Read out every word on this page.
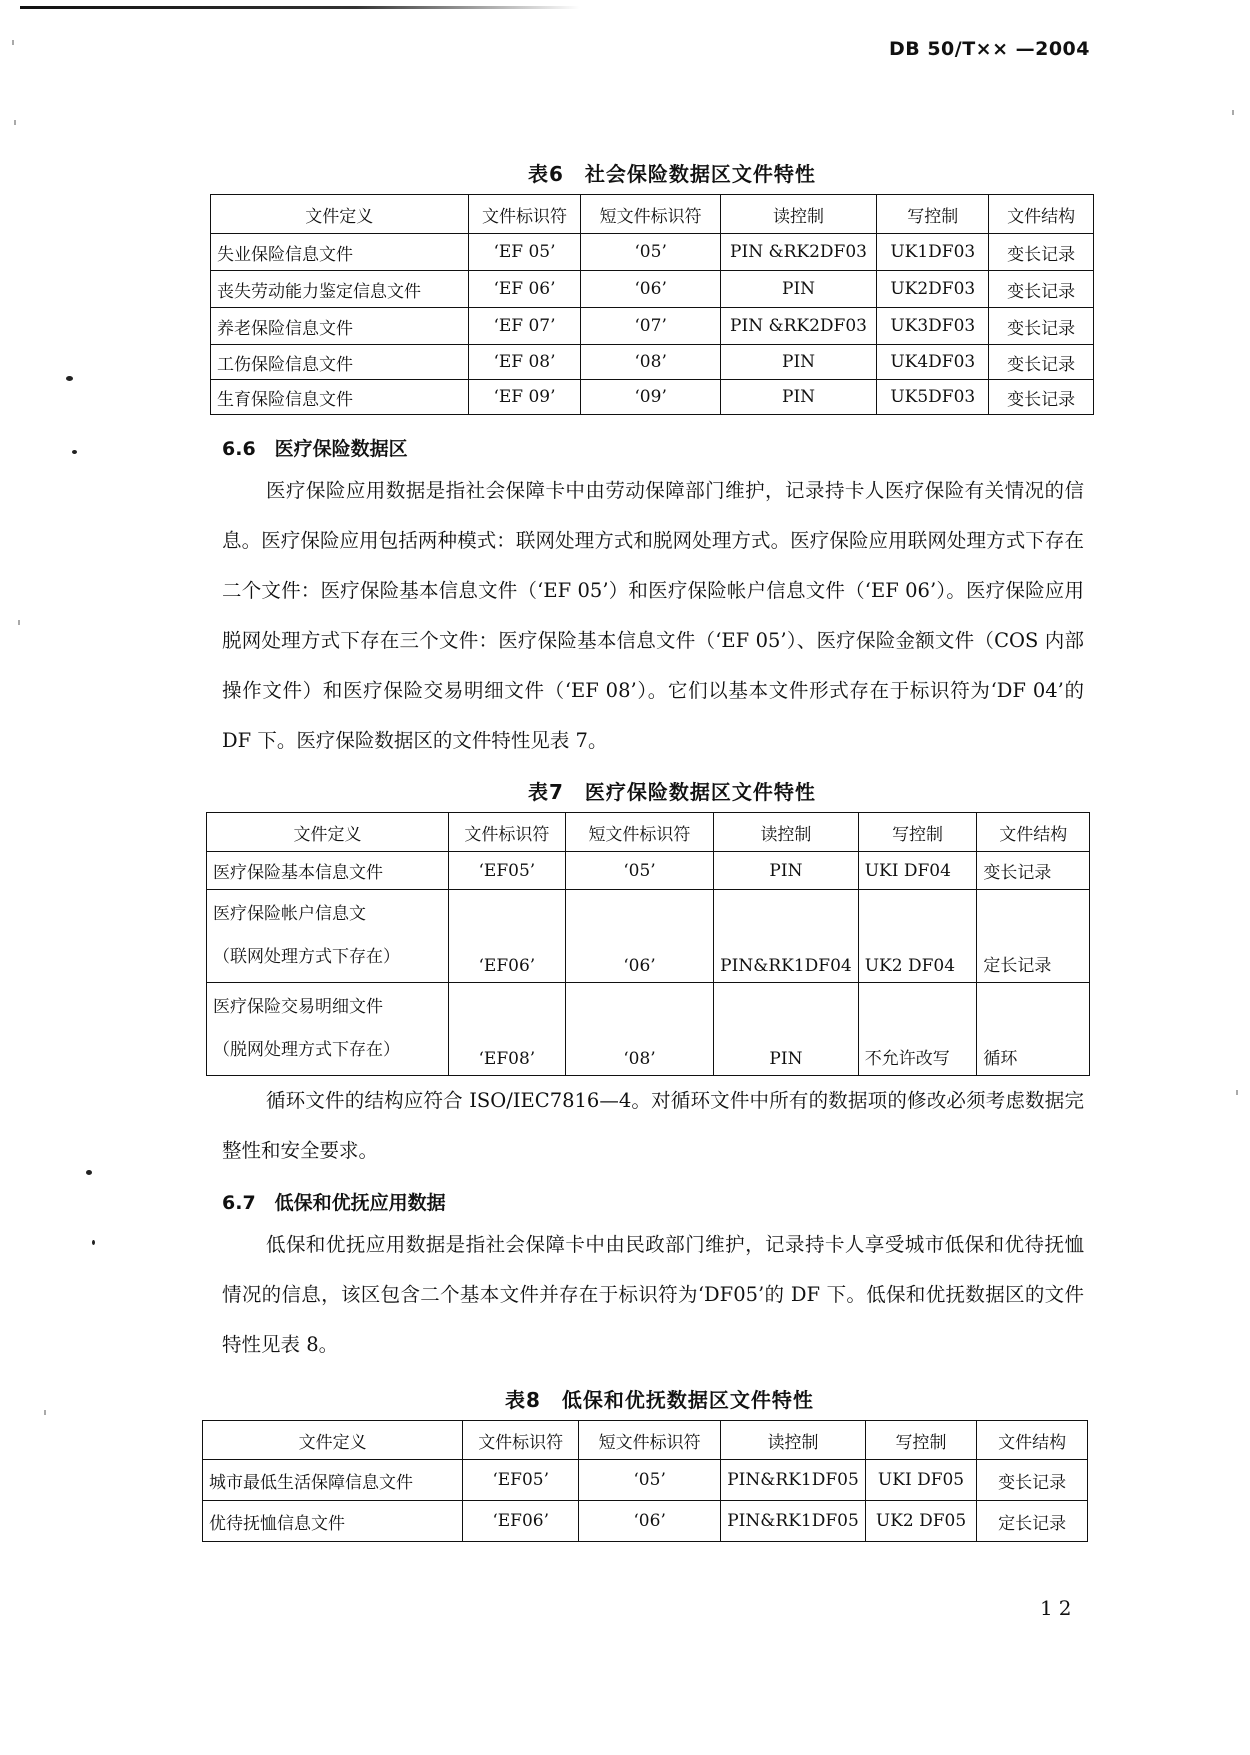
DB 50/T×× —2004
表6　社会保险数据区文件特性
文件定义	文件标识符	短文件标识符	读控制	写控制	文件结构
失业保险信息文件	‘EF 05’	‘05’	PIN &RK2DF03	UK1DF03	变长记录
丧失劳动能力鉴定信息文件	‘EF 06’	‘06’	PIN	UK2DF03	变长记录
养老保险信息文件	‘EF 07’	‘07’	PIN &RK2DF03	UK3DF03	变长记录
工伤保险信息文件	‘EF 08’	‘08’	PIN	UK4DF03	变长记录
生育保险信息文件	‘EF 09’	‘09’	PIN	UK5DF03	变长记录
6.6　医疗保险数据区
医疗保险应用数据是指社会保障卡中由劳动保障部门维护，记录持卡人医疗保险有关情况的信息。医疗保险应用包括两种模式：联网处理方式和脱网处理方式。医疗保险应用联网处理方式下存在二个文件：医疗保险基本信息文件（‘EF 05’）和医疗保险帐户信息文件（‘EF 06’）。医疗保险应用脱网处理方式下存在三个文件：医疗保险基本信息文件（‘EF 05’）、医疗保险金额文件（COS 内部操作文件）和医疗保险交易明细文件（‘EF 08’）。它们以基本文件形式存在于标识符为‘DF 04’的 DF 下。医疗保险数据区的文件特性见表 7。
表7　医疗保险数据区文件特性
文件定义	文件标识符	短文件标识符	读控制	写控制	文件结构
医疗保险基本信息文件	‘EF05’	‘05’	PIN	UKI DF04	变长记录

医疗保险帐户信息文
（联网处理方式下存在）	‘EF06’	‘06’	PIN&RK1DF04	UK2 DF04	定长记录

医疗保险交易明细文件
（脱网处理方式下存在）	‘EF08’	‘08’	PIN	不允许改写	循环
循环文件的结构应符合 ISO/IEC7816—4。对循环文件中所有的数据项的修改必须考虑数据完整性和安全要求。
6.7　低保和优抚应用数据
低保和优抚应用数据是指社会保障卡中由民政部门维护，记录持卡人享受城市低保和优待抚恤情况的信息，该区包含二个基本文件并存在于标识符为‘DF05’的 DF 下。低保和优抚数据区的文件特性见表 8。
表8　低保和优抚数据区文件特性
文件定义	文件标识符	短文件标识符	读控制	写控制	文件结构
城市最低生活保障信息文件	‘EF05’	‘05’	PIN&RK1DF05	UKI DF05	变长记录
优待抚恤信息文件	‘EF06’	‘06’	PIN&RK1DF05	UK2 DF05	定长记录
12
